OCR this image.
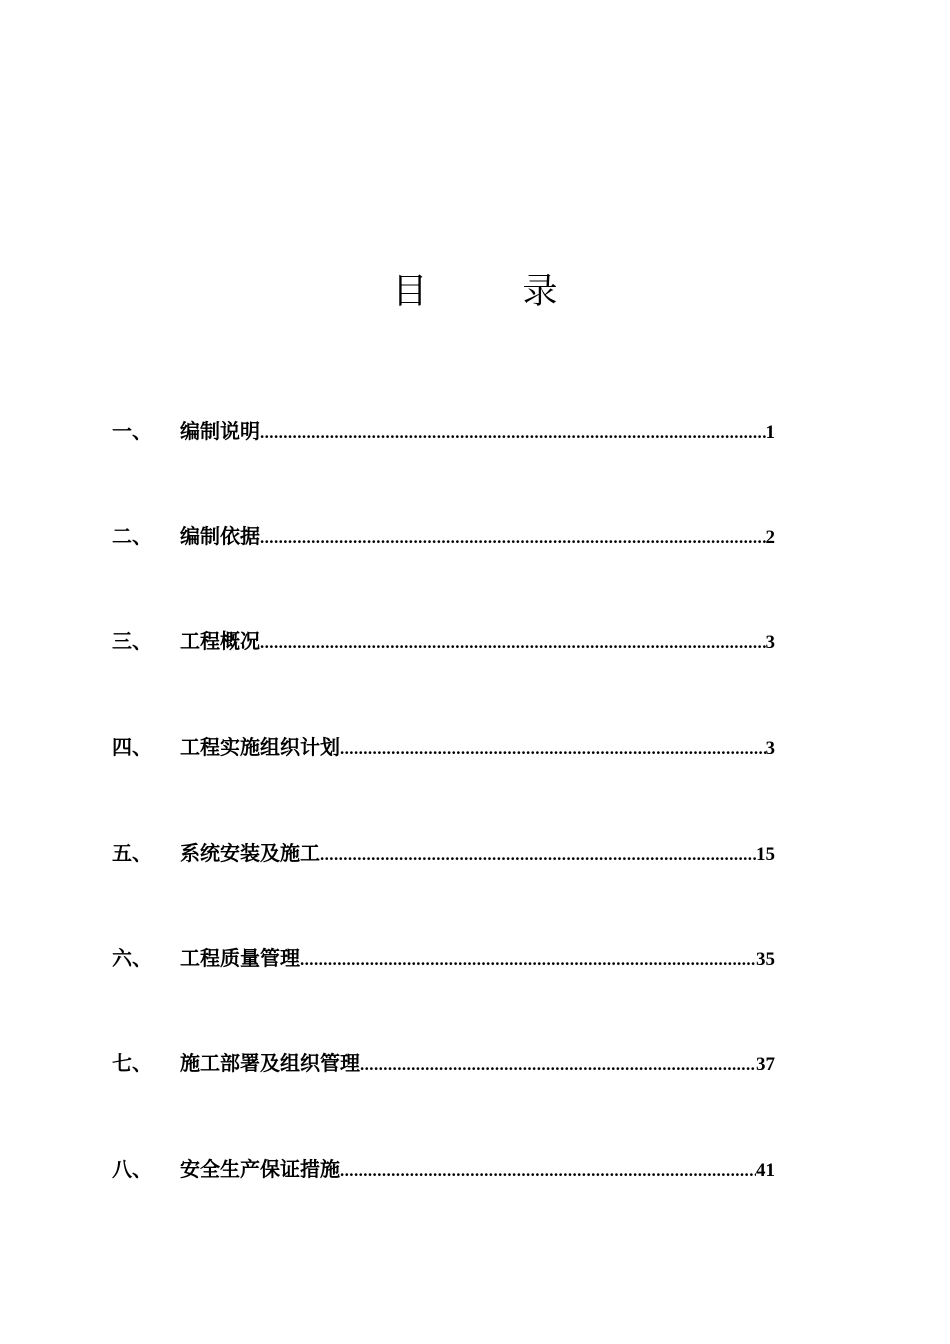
目 录
一、	编制说明 .....	1
二、	编制依据 .....	2
三、	工程概况 .....	3
四、	工程实施组织计划 .....	3
五、	系统安装及施工 .....	15
六、	工程质量管理 .....	35
七、	施工部署及组织管理 .....	37
八、	安全生产保证措施 .....	41
